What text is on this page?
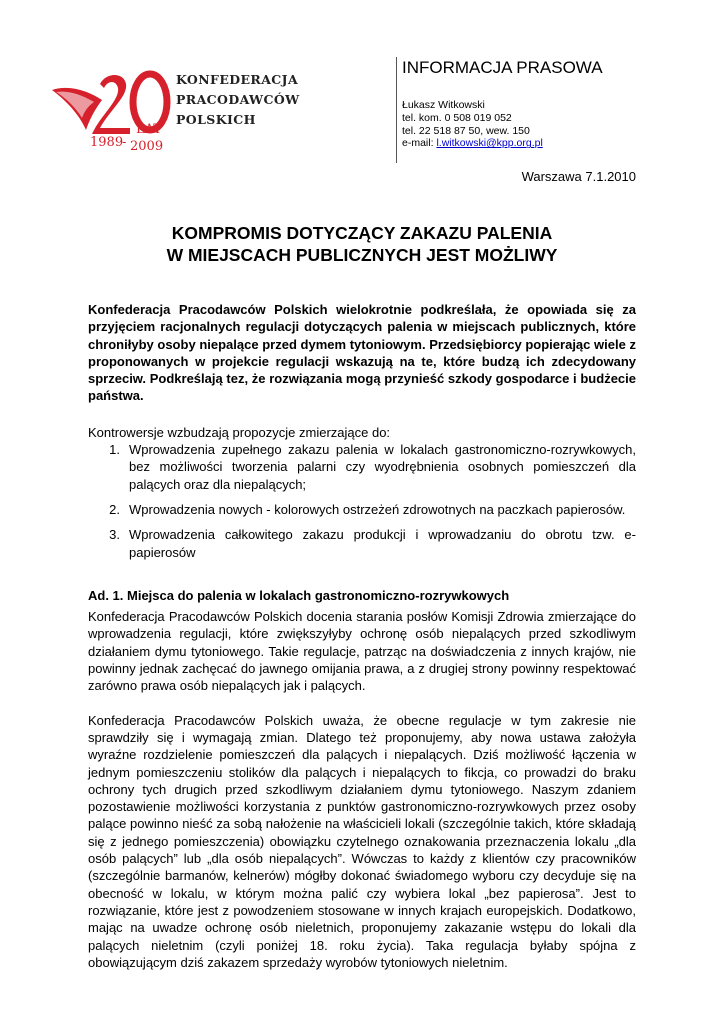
LAT
1989
- 2009
KONFEDERACJA
PRACODAWCÓW
POLSKICH
INFORMACJA PRASOWA
Łukasz Witkowski
tel. kom. 0 508 019 052
tel. 22 518 87 50, wew. 150
e-mail: l.witkowski@kpp.org.pl
Warszawa 7.1.2010
KOMPROMIS DOTYCZĄCY ZAKAZU PALENIA
W MIEJSCACH PUBLICZNYCH JEST MOŻLIWY

Konfederacja Pracodawców Polskich wielokrotnie podkreślała, że opowiada się za przyjęciem racjonalnych regulacji dotyczących palenia w miejscach publicznych, które chroniłyby osoby niepalące przed dymem tytoniowym. Przedsiębiorcy popierając wiele z proponowanych w projekcie regulacji wskazują na te, które budzą ich zdecydowany sprzeciw. Podkreślają tez, że rozwiązania mogą przynieść szkody gospodarce i budżecie państwa.

Kontrowersje wzbudzają propozycje zmierzające do:

1. Wprowadzenia zupełnego zakazu palenia w lokalach gastronomiczno-rozrywkowych, bez możliwości tworzenia palarni czy wyodrębnienia osobnych pomieszczeń dla palących oraz dla niepalących;
2. Wprowadzenia nowych - kolorowych ostrzeżeń zdrowotnych na paczkach papierosów.
3. Wprowadzenia całkowitego zakazu produkcji i wprowadzaniu do obrotu tzw. e-papierosów

Ad. 1. Miejsca do palenia w lokalach gastronomiczno-rozrywkowych

Konfederacja Pracodawców Polskich docenia starania posłów Komisji Zdrowia zmierzające do wprowadzenia regulacji, które zwiększyłyby ochronę osób niepalących przed szkodliwym działaniem dymu tytoniowego. Takie regulacje, patrząc na doświadczenia z innych krajów, nie powinny jednak zachęcać do jawnego omijania prawa, a z drugiej strony powinny respektować zarówno prawa osób niepalących jak i palących.

Konfederacja Pracodawców Polskich uważa, że obecne regulacje w tym zakresie nie sprawdziły się i wymagają zmian. Dlatego też proponujemy, aby nowa ustawa założyła wyraźne rozdzielenie pomieszczeń dla palących i niepalących. Dziś możliwość łączenia w jednym pomieszczeniu stolików dla palących i niepalących to fikcja, co prowadzi do braku ochrony tych drugich przed szkodliwym działaniem dymu tytoniowego. Naszym zdaniem pozostawienie możliwości korzystania z punktów gastronomiczno-rozrywkowych przez osoby palące powinno nieść za sobą nałożenie na właścicieli lokali (szczególnie takich, które składają się z jednego pomieszczenia) obowiązku czytelnego oznakowania przeznaczenia lokalu „dla osób palących” lub „dla osób niepalących”. Wówczas to każdy z klientów czy pracowników (szczególnie barmanów, kelnerów) mógłby dokonać świadomego wyboru czy decyduje się na obecność w lokalu, w którym można palić czy wybiera lokal „bez papierosa”. Jest to rozwiązanie, które jest z powodzeniem stosowane w innych krajach europejskich. Dodatkowo, mając na uwadze ochronę osób nieletnich, proponujemy zakazanie wstępu do lokali dla palących nieletnim (czyli poniżej 18. roku życia). Taka regulacja byłaby spójna z obowiązującym dziś zakazem sprzedaży wyrobów tytoniowych nieletnim.
